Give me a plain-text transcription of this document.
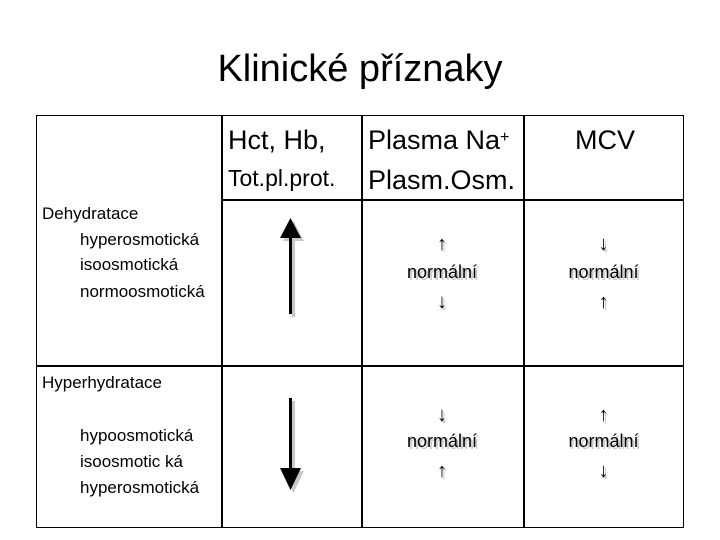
Klinické příznaky
Hct, Hb,
Tot.pl.prot.
Plasma Na+
Plasm.Osm.
MCV
Dehydratace
hyperosmotická
isoosmotická
normoosmotická
↑
normální
↓
↓
normální
↑
Hyperhydratace
hypoosmotická
isoosmotic ká
hyperosmotická
↓
normální
↑
↑
normální
↓
